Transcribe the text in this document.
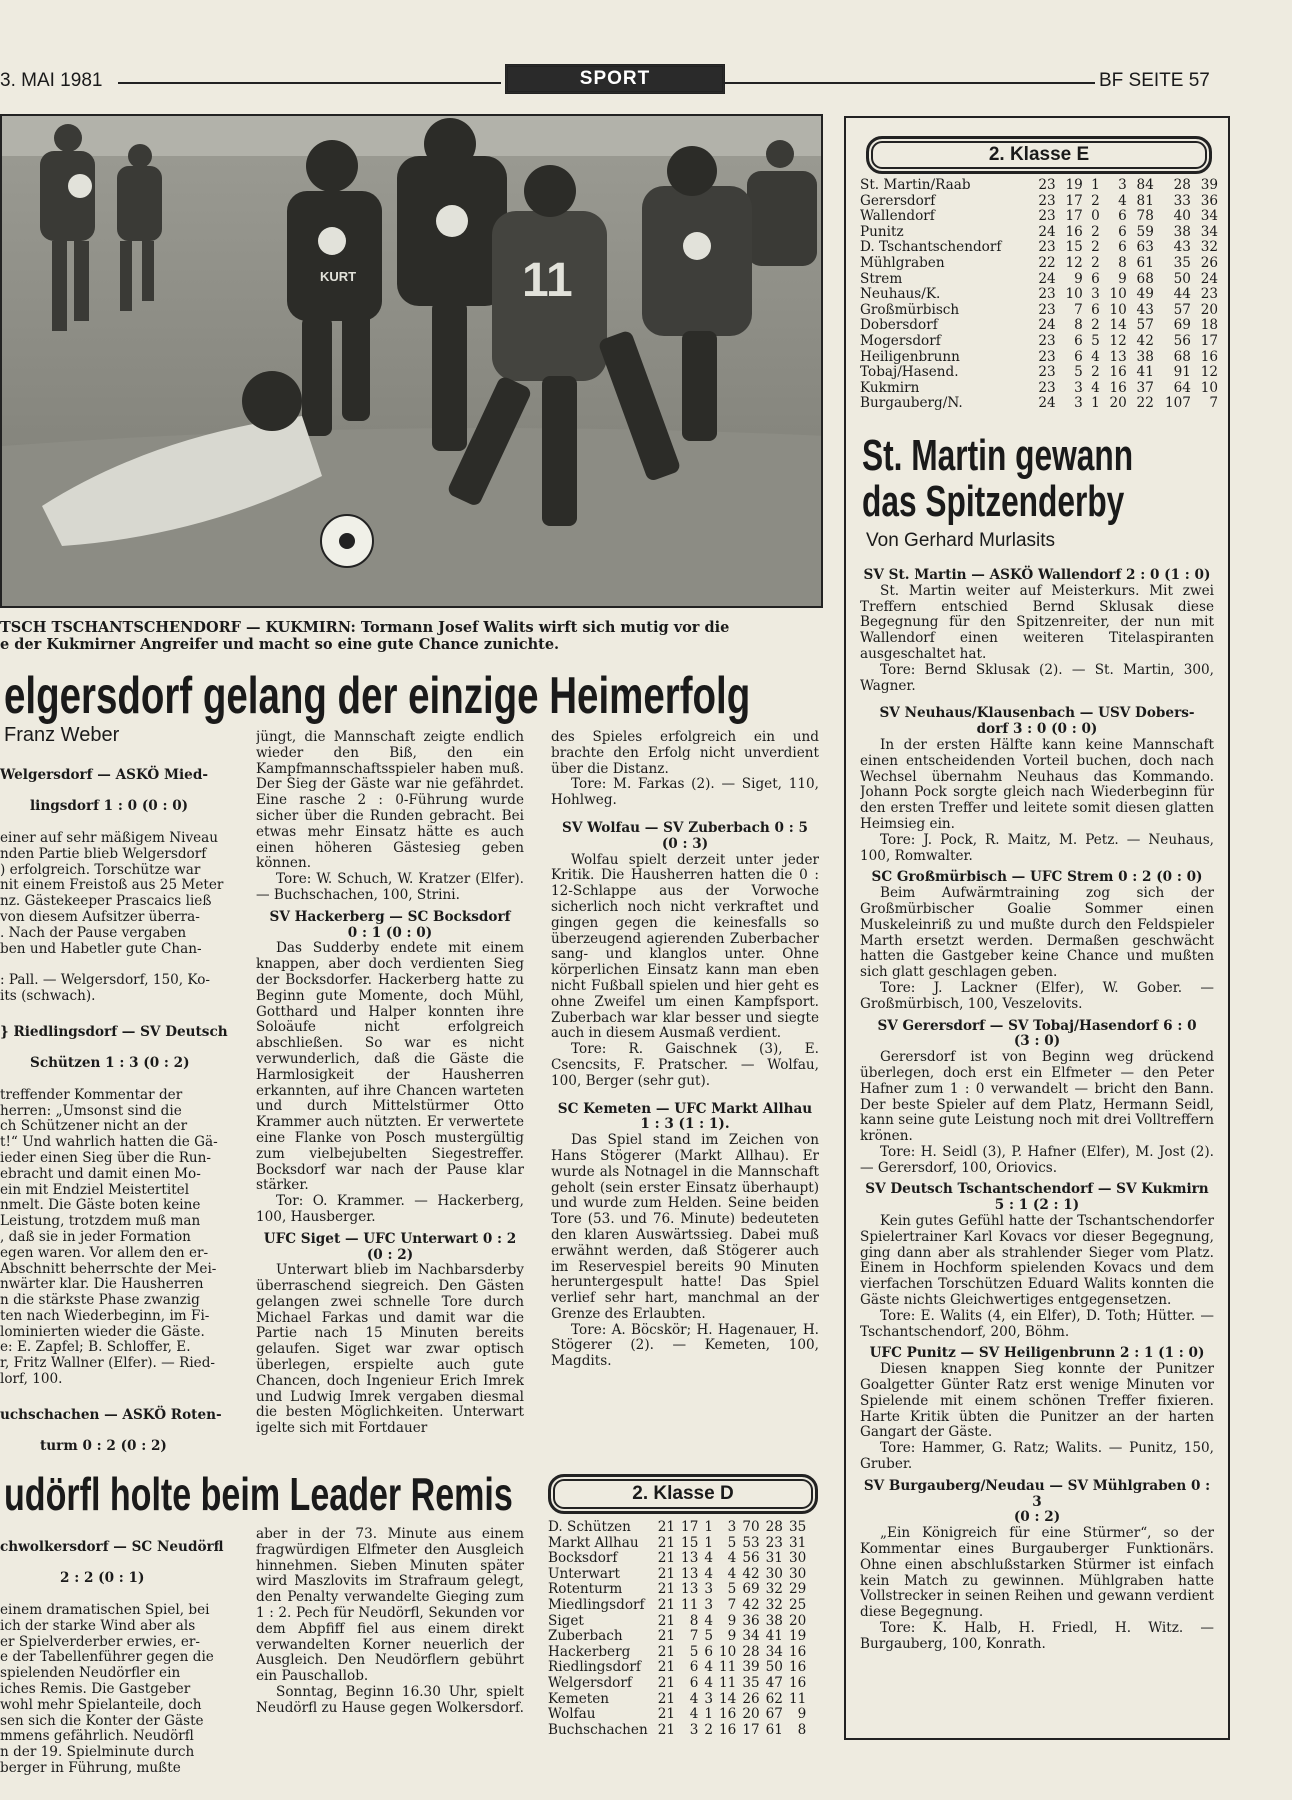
3. MAI 1981	SPORT	BF SEITE 57
KURT	11
TSCH TSCHANTSCHENDORF — KUKMIRN: Tormann Josef Walits wirft sich mutig vor die
e der Kukmirner Angreifer und macht so eine gute Chance zunichte.
elgersdorf gelang der einzige Heimerfolg
Franz Weber

Welgersdorf — ASKÖ Mied-

lingsdorf 1 : 0 (0 : 0)

einer auf sehr mäßigem Niveau
nden Partie blieb Welgersdorf
) erfolgreich. Torschütze war
nit einem Freistoß aus 25 Meter
nz. Gästekeeper Prascaics ließ
von diesem Aufsitzer überra-
. Nach der Pause vergaben
ben und Habetler gute Chan-

: Pall. — Welgersdorf, 150, Ko-
its (schwach).

} Riedlingsdorf — SV Deutsch

Schützen 1 : 3 (0 : 2)

treffender Kommentar der
herren: „Umsonst sind die
ch Schützener nicht an der
t!“ Und wahrlich hatten die Gä-
ieder einen Sieg über die Run-
ebracht und damit einen Mo-
ein mit Endziel Meistertitel
nmelt. Die Gäste boten keine
Leistung, trotzdem muß man
, daß sie in jeder Formation
egen waren. Vor allem den er-
Abschnitt beherrschte der Mei-
nwärter klar. Die Hausherren
n die stärkste Phase zwanzig
ten nach Wiederbeginn, im Fi-
lominierten wieder die Gäste.
e: E. Zapfel; B. Schloffer, E.
r, Fritz Wallner (Elfer). — Ried-
lorf, 100.

uchschachen — ASKÖ Roten-

turm 0 : 2 (0 : 2)

jüngt, die Mannschaft zeigte endlich wieder den Biß, den ein Kampfmannschaftsspieler haben muß. Der Sieg der Gäste war nie gefährdet. Eine rasche 2 : 0-Führung wurde sicher über die Runden gebracht. Bei etwas mehr Einsatz hätte es auch einen höheren Gästesieg geben können.

Tore: W. Schuch, W. Kratzer (Elfer). — Buchschachen, 100, Strini.

SV Hackerberg — SC Bocksdorf

0 : 1 (0 : 0)

Das Sudderby endete mit einem knappen, aber doch verdienten Sieg der Bocksdorfer. Hackerberg hatte zu Beginn gute Momente, doch Mühl, Gotthard und Halper konnten ihre Soloäufe nicht erfolgreich abschließen. So war es nicht verwunderlich, daß die Gäste die Harmlosigkeit der Hausherren erkannten, auf ihre Chancen warteten und durch Mittelstürmer Otto Krammer auch nützten. Er verwertete eine Flanke von Posch mustergültig zum vielbejubelten Siegestreffer. Bocksdorf war nach der Pause klar stärker.

Tor: O. Krammer. — Hackerberg, 100, Hausberger.

UFC Siget — UFC Unterwart 0 : 2

(0 : 2)

Unterwart blieb im Nachbarsderby überraschend siegreich. Den Gästen gelangen zwei schnelle Tore durch Michael Farkas und damit war die Partie nach 15 Minuten bereits gelaufen. Siget war zwar optisch überlegen, erspielte auch gute Chancen, doch Ingenieur Erich Imrek und Ludwig Imrek vergaben diesmal die besten Möglichkeiten. Unterwart igelte sich mit Fortdauer

des Spieles erfolgreich ein und brachte den Erfolg nicht unverdient über die Distanz.

Tore: M. Farkas (2). — Siget, 110, Hohlweg.

SV Wolfau — SV Zuberbach 0 : 5

(0 : 3)

Wolfau spielt derzeit unter jeder Kritik. Die Hausherren hatten die 0 : 12-Schlappe aus der Vorwoche sicherlich noch nicht verkraftet und gingen gegen die keinesfalls so überzeugend agierenden Zuberbacher sang- und klanglos unter. Ohne körperlichen Einsatz kann man eben nicht Fußball spielen und hier geht es ohne Zweifel um einen Kampfsport. Zuberbach war klar besser und siegte auch in diesem Ausmaß verdient.

Tore: R. Gaischnek (3), E. Csencsits, F. Pratscher. — Wolfau, 100, Berger (sehr gut).

SC Kemeten — UFC Markt Allhau

1 : 3 (1 : 1).

Das Spiel stand im Zeichen von Hans Stögerer (Markt Allhau). Er wurde als Notnagel in die Mannschaft geholt (sein erster Einsatz überhaupt) und wurde zum Helden. Seine beiden Tore (53. und 76. Minute) bedeuteten den klaren Auswärtssieg. Dabei muß erwähnt werden, daß Stögerer auch im Reservespiel bereits 90 Minuten heruntergespult hatte! Das Spiel verlief sehr hart, manchmal an der Grenze des Erlaubten.

Tore: A. Böcskör; H. Hagenauer, H. Stögerer (2). — Kemeten, 100, Magdits.

udörfl holte beim Leader Remis

chwolkersdorf — SC Neudörfl

2 : 2 (0 : 1)

einem dramatischen Spiel, bei
ich der starke Wind aber als
er Spielverderber erwies, er-
e der Tabellenführer gegen die
spielenden Neudörfler ein
iches Remis. Die Gastgeber
wohl mehr Spielanteile, doch
sen sich die Konter der Gäste
mmens gefährlich. Neudörfl
n der 19. Spielminute durch
berger in Führung, mußte

aber in der 73. Minute aus einem fragwürdigen Elfmeter den Ausgleich hinnehmen. Sieben Minuten später wird Maszlovits im Strafraum gelegt, den Penalty verwandelte Gieging zum 1 : 2. Pech für Neudörfl, Sekunden vor dem Abpfiff fiel aus einem direkt verwandelten Korner neuerlich der Ausgleich. Den Neudörflern gebührt ein Pauschallob.

Sonntag, Beginn 16.30 Uhr, spielt Neudörfl zu Hause gegen Wolkersdorf.

2. Klasse D
D. Schützen	21	17	1	3	70	28	35
Markt Allhau	21	15	1	5	53	23	31
Bocksdorf	21	13	4	4	56	31	30
Unterwart	21	13	4	4	42	30	30
Rotenturm	21	13	3	5	69	32	29
Miedlingsdorf	21	11	3	7	42	32	25
Siget	21	8	4	9	36	38	20
Zuberbach	21	7	5	9	34	41	19
Hackerberg	21	5	6	10	28	34	16
Riedlingsdorf	21	6	4	11	39	50	16
Welgersdorf	21	6	4	11	35	47	16
Kemeten	21	4	3	14	26	62	11
Wolfau	21	4	1	16	20	67	9
Buchschachen	21	3	2	16	17	61	8
2. Klasse E
St. Martin/Raab	23	19	1	3	84	28	39
Gerersdorf	23	17	2	4	81	33	36
Wallendorf	23	17	0	6	78	40	34
Punitz	24	16	2	6	59	38	34
D. Tschantschendorf	23	15	2	6	63	43	32
Mühlgraben	22	12	2	8	61	35	26
Strem	24	9	6	9	68	50	24
Neuhaus/K.	23	10	3	10	49	44	23
Großmürbisch	23	7	6	10	43	57	20
Dobersdorf	24	8	2	14	57	69	18
Mogersdorf	23	6	5	12	42	56	17
Heiligenbrunn	23	6	4	13	38	68	16
Tobaj/Hasend.	23	5	2	16	41	91	12
Kukmirn	23	3	4	16	37	64	10
Burgauberg/N.	24	3	1	20	22	107	7
St. Martin gewann
das Spitzenderby
Von Gerhard Murlasits

SV St. Martin — ASKÖ Wallendorf 2 : 0 (1 : 0)

St. Martin weiter auf Meisterkurs. Mit zwei Treffern entschied Bernd Sklusak diese Begegnung für den Spitzenreiter, der nun mit Wallendorf einen weiteren Titelaspiranten ausgeschaltet hat.

Tore: Bernd Sklusak (2). — St. Martin, 300, Wagner.

SV Neuhaus/Klausenbach — USV Dobers-

dorf 3 : 0 (0 : 0)

In der ersten Hälfte kann keine Mannschaft einen entscheidenden Vorteil buchen, doch nach Wechsel übernahm Neuhaus das Kommando. Johann Pock sorgte gleich nach Wiederbeginn für den ersten Treffer und leitete somit diesen glatten Heimsieg ein.

Tore: J. Pock, R. Maitz, M. Petz. — Neuhaus, 100, Romwalter.

SC Großmürbisch — UFC Strem 0 : 2 (0 : 0)

Beim Aufwärmtraining zog sich der Großmürbischer Goalie Sommer einen Muskeleinriß zu und mußte durch den Feldspieler Marth ersetzt werden. Dermaßen geschwächt hatten die Gastgeber keine Chance und mußten sich glatt geschlagen geben.

Tore: J. Lackner (Elfer), W. Gober. — Großmürbisch, 100, Veszelovits.

SV Gerersdorf — SV Tobaj/Hasendorf 6 : 0

(3 : 0)

Gerersdorf ist von Beginn weg drückend überlegen, doch erst ein Elfmeter — den Peter Hafner zum 1 : 0 verwandelt — bricht den Bann. Der beste Spieler auf dem Platz, Hermann Seidl, kann seine gute Leistung noch mit drei Volltreffern krönen.

Tore: H. Seidl (3), P. Hafner (Elfer), M. Jost (2). — Gerersdorf, 100, Oriovics.

SV Deutsch Tschantschendorf — SV Kukmirn

5 : 1 (2 : 1)

Kein gutes Gefühl hatte der Tschantschendorfer Spielertrainer Karl Kovacs vor dieser Begegnung, ging dann aber als strahlender Sieger vom Platz. Einem in Hochform spielenden Kovacs und dem vierfachen Torschützen Eduard Walits konnten die Gäste nichts Gleichwertiges entgegensetzen.

Tore: E. Walits (4, ein Elfer), D. Toth; Hütter. — Tschantschendorf, 200, Böhm.

UFC Punitz — SV Heiligenbrunn 2 : 1 (1 : 0)

Diesen knappen Sieg konnte der Punitzer Goalgetter Günter Ratz erst wenige Minuten vor Spielende mit einem schönen Treffer fixieren. Harte Kritik übten die Punitzer an der harten Gangart der Gäste.

Tore: Hammer, G. Ratz; Walits. — Punitz, 150, Gruber.

SV Burgauberg/Neudau — SV Mühlgraben 0 : 3

(0 : 2)

„Ein Königreich für eine Stürmer“, so der Kommentar eines Burgauberger Funktionärs. Ohne einen abschlußstarken Stürmer ist einfach kein Match zu gewinnen. Mühlgraben hatte Vollstrecker in seinen Reihen und gewann verdient diese Begegnung.

Tore: K. Halb, H. Friedl, H. Witz. — Burgauberg, 100, Konrath.
